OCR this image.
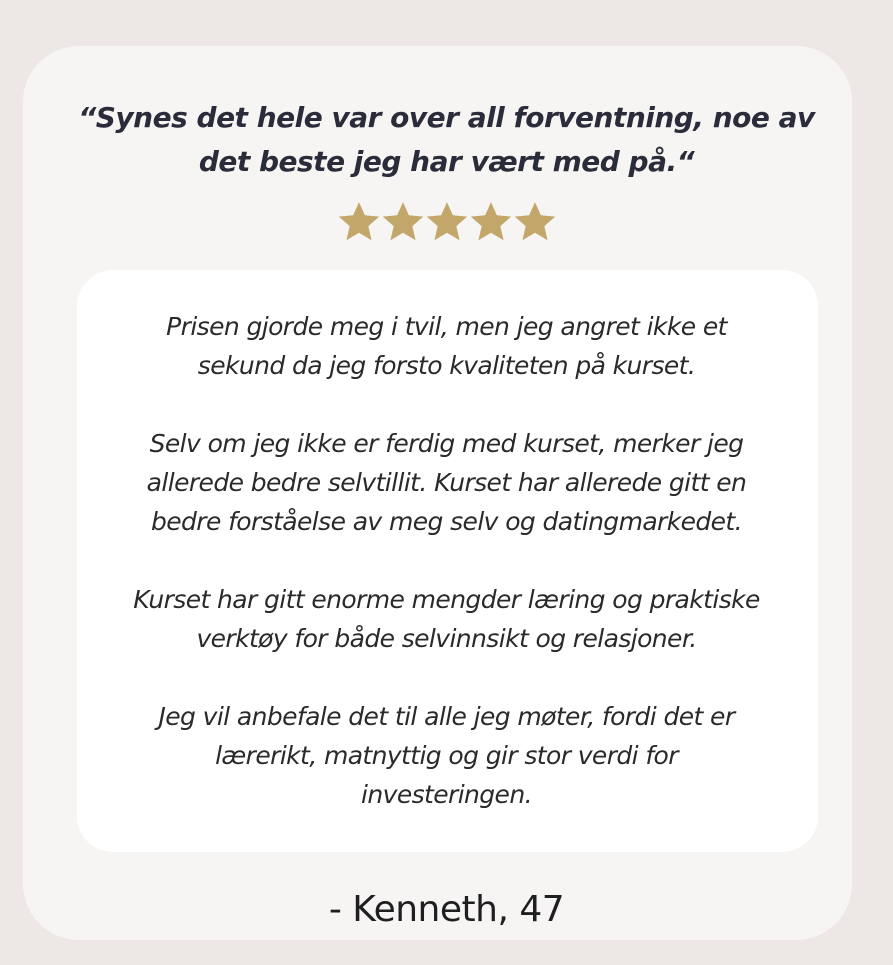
“Synes det hele var over all forventning, noe av
det beste jeg har vært med på.“
Prisen gjorde meg i tvil, men jeg angret ikke et
sekund da jeg forsto kvaliteten på kurset.
Selv om jeg ikke er ferdig med kurset, merker jeg
allerede bedre selvtillit. Kurset har allerede gitt en
bedre forståelse av meg selv og datingmarkedet.
Kurset har gitt enorme mengder læring og praktiske
verktøy for både selvinnsikt og relasjoner.
Jeg vil anbefale det til alle jeg møter, fordi det er
lærerikt, matnyttig og gir stor verdi for
investeringen.
- Kenneth, 47
